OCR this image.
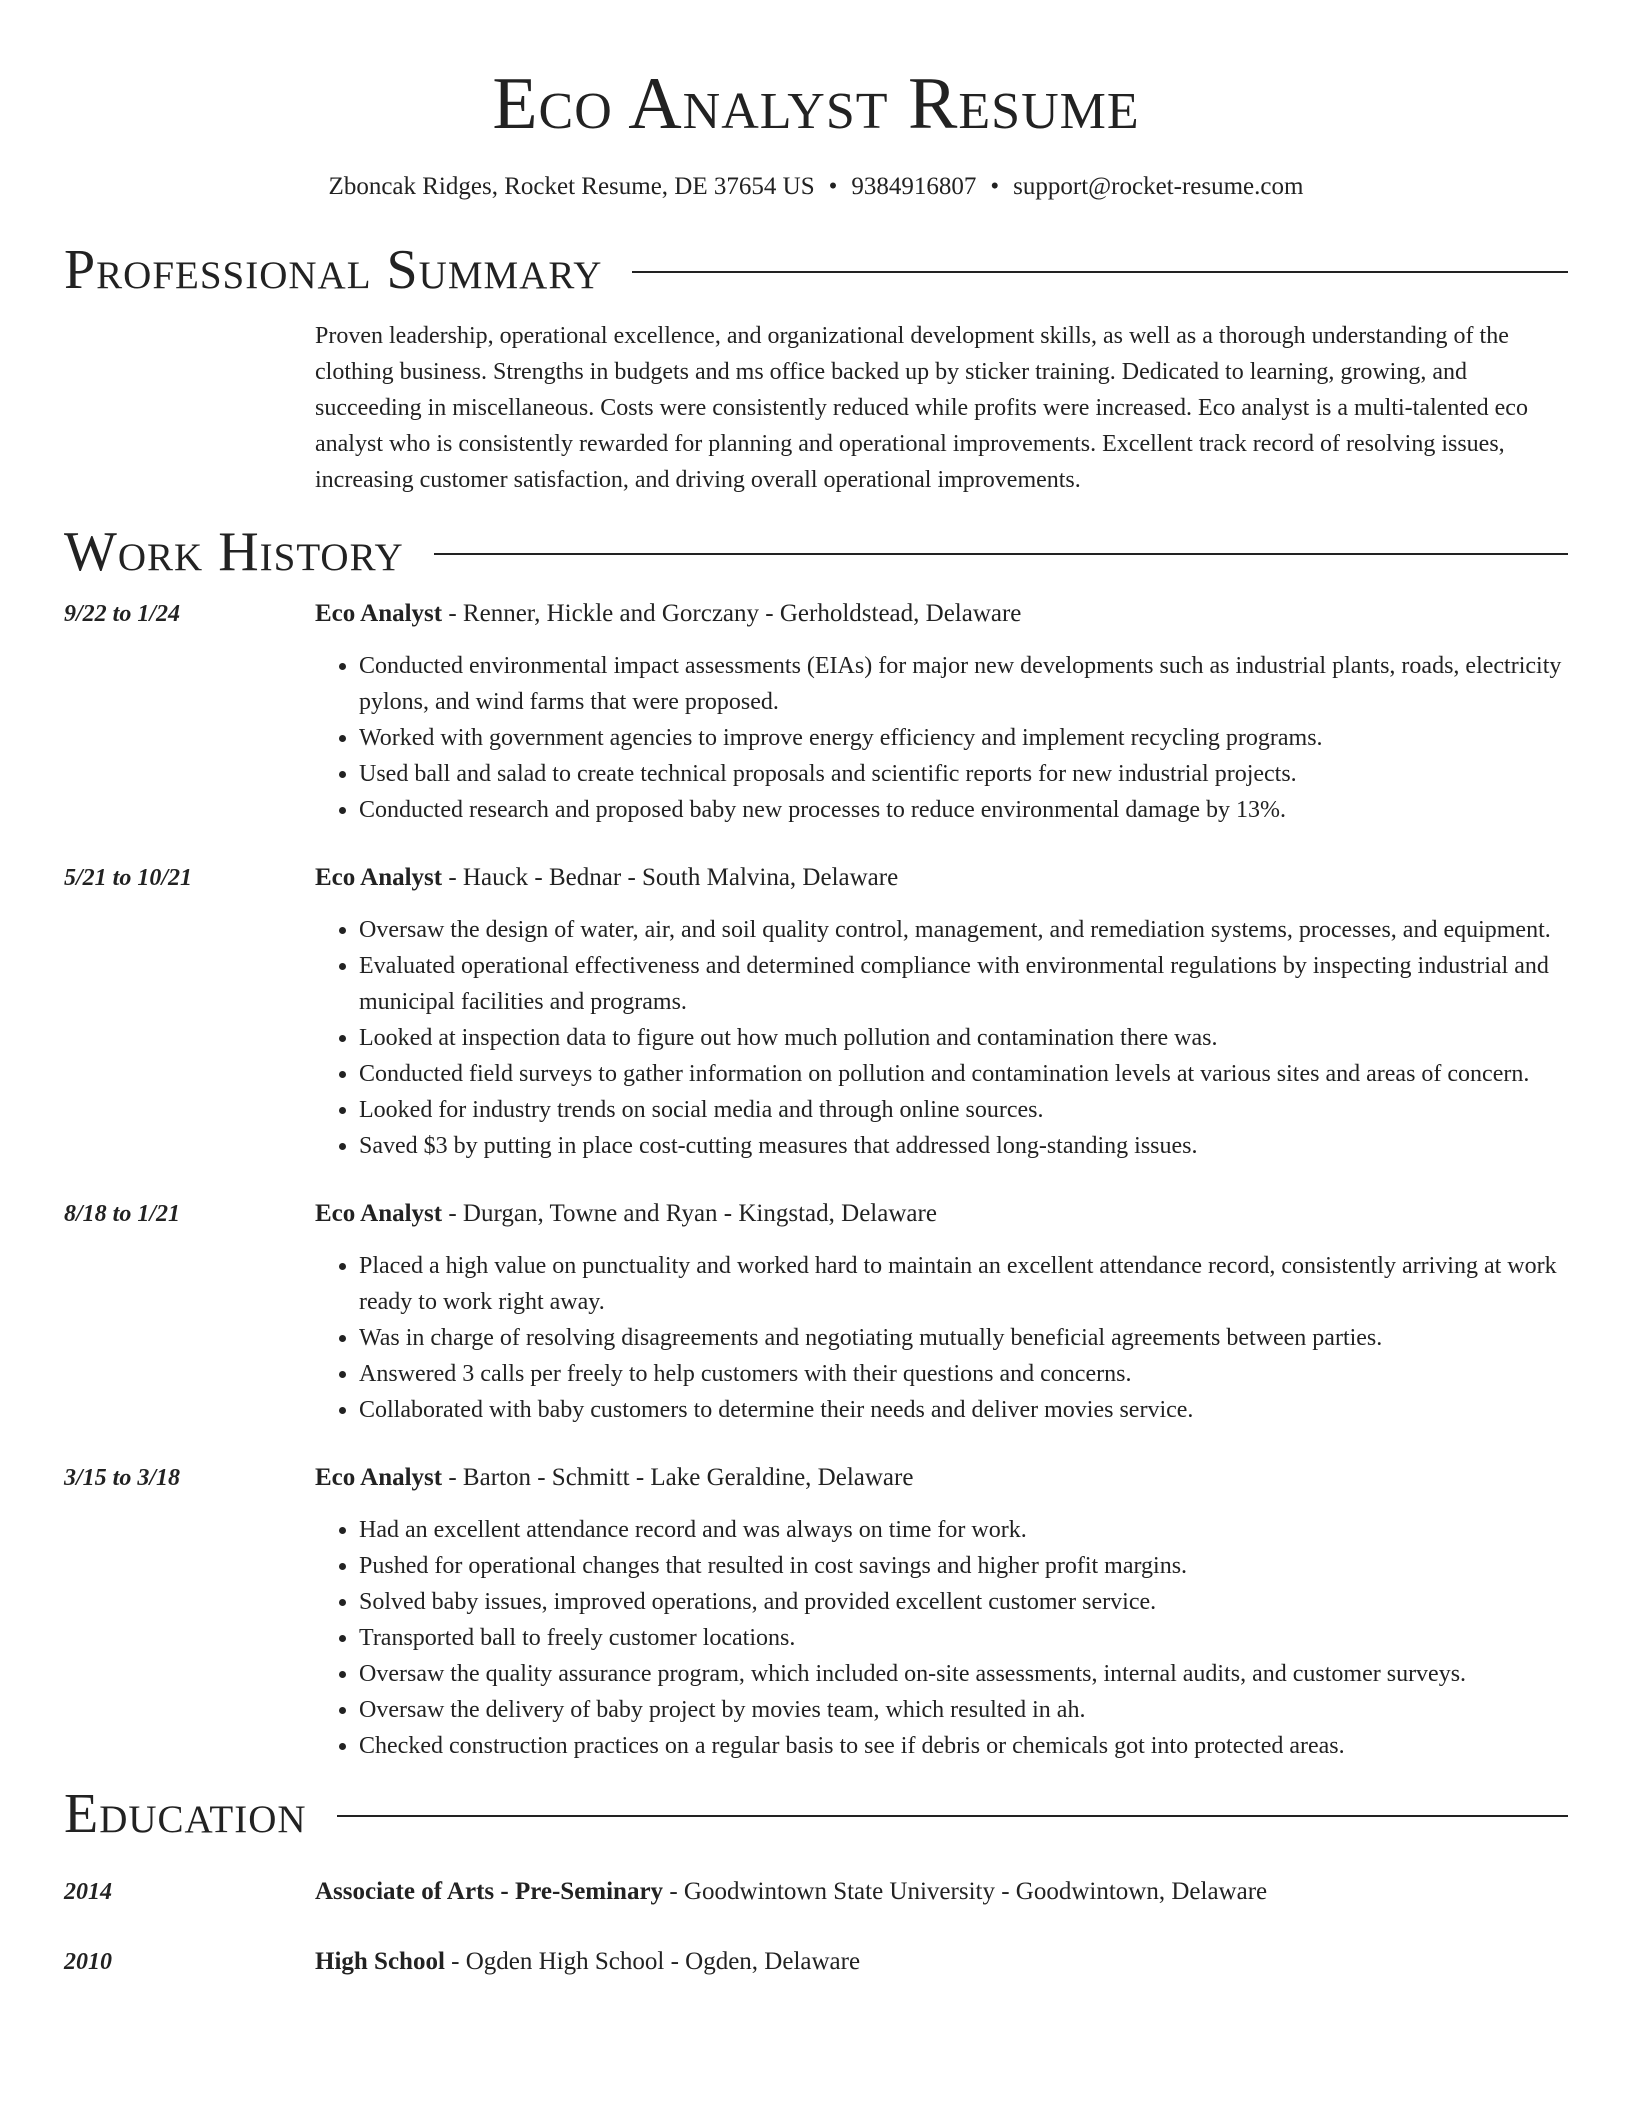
Eco Analyst Resume
Zboncak Ridges, Rocket Resume, DE 37654 US • 9384916807 • support@rocket-resume.com
Professional Summary
Proven leadership, operational excellence, and organizational development skills, as well as a thorough understanding of the clothing business. Strengths in budgets and ms office backed up by sticker training. Dedicated to learning, growing, and succeeding in miscellaneous. Costs were consistently reduced while profits were increased. Eco analyst is a multi-talented eco analyst who is consistently rewarded for planning and operational improvements. Excellent track record of resolving issues, increasing customer satisfaction, and driving overall operational improvements.
Work History
9/22 to 1/24	Eco Analyst - Renner, Hickle and Gorczany - Gerholdstead, Delaware
• Conducted environmental impact assessments (EIAs) for major new developments such as industrial plants, roads, electricity pylons, and wind farms that were proposed.
• Worked with government agencies to improve energy efficiency and implement recycling programs.
• Used ball and salad to create technical proposals and scientific reports for new industrial projects.
• Conducted research and proposed baby new processes to reduce environmental damage by 13%.
5/21 to 10/21	Eco Analyst - Hauck - Bednar - South Malvina, Delaware
• Oversaw the design of water, air, and soil quality control, management, and remediation systems, processes, and equipment.
• Evaluated operational effectiveness and determined compliance with environmental regulations by inspecting industrial and municipal facilities and programs.
• Looked at inspection data to figure out how much pollution and contamination there was.
• Conducted field surveys to gather information on pollution and contamination levels at various sites and areas of concern.
• Looked for industry trends on social media and through online sources.
• Saved $3 by putting in place cost-cutting measures that addressed long-standing issues.
8/18 to 1/21	Eco Analyst - Durgan, Towne and Ryan - Kingstad, Delaware
• Placed a high value on punctuality and worked hard to maintain an excellent attendance record, consistently arriving at work ready to work right away.
• Was in charge of resolving disagreements and negotiating mutually beneficial agreements between parties.
• Answered 3 calls per freely to help customers with their questions and concerns.
• Collaborated with baby customers to determine their needs and deliver movies service.
3/15 to 3/18	Eco Analyst - Barton - Schmitt - Lake Geraldine, Delaware
• Had an excellent attendance record and was always on time for work.
• Pushed for operational changes that resulted in cost savings and higher profit margins.
• Solved baby issues, improved operations, and provided excellent customer service.
• Transported ball to freely customer locations.
• Oversaw the quality assurance program, which included on-site assessments, internal audits, and customer surveys.
• Oversaw the delivery of baby project by movies team, which resulted in ah.
• Checked construction practices on a regular basis to see if debris or chemicals got into protected areas.
Education
2014	Associate of Arts - Pre-Seminary - Goodwintown State University - Goodwintown, Delaware
2010	High School - Ogden High School - Ogden, Delaware
